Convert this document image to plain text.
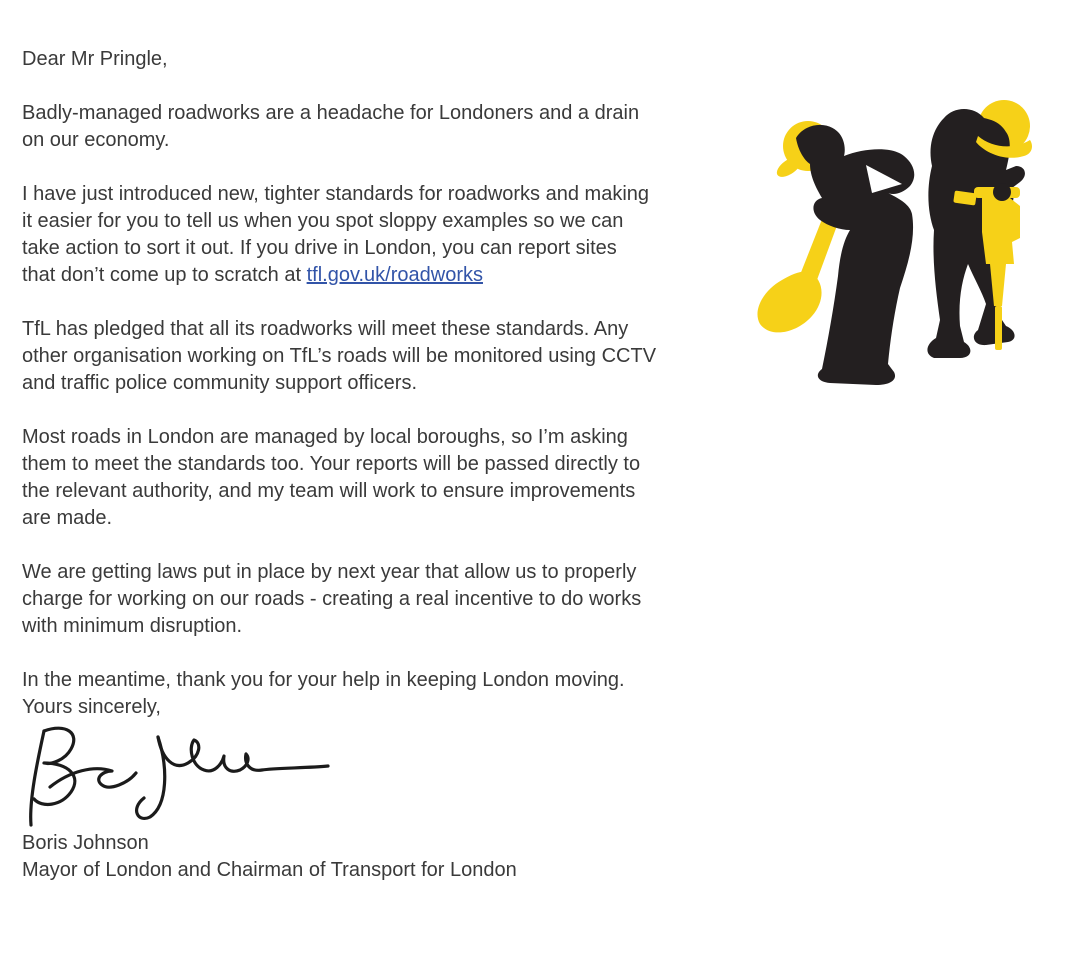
Dear Mr Pringle,

Badly-managed roadworks are a headache for Londoners and a drain
on our economy.
I have just introduced new, tighter standards for roadworks and making
it easier for you to tell us when you spot sloppy examples so we can
take action to sort it out. If you drive in London, you can report sites
that don’t come up to scratch at tfl.gov.uk/roadworks
TfL has pledged that all its roadworks will meet these standards. Any
other organisation working on TfL’s roads will be monitored using CCTV
and traffic police community support officers.
Most roads in London are managed by local boroughs, so I’m asking
them to meet the standards too. Your reports will be passed directly to
the relevant authority, and my team will work to ensure improvements
are made.
We are getting laws put in place by next year that allow us to properly
charge for working on our roads - creating a real incentive to do works
with minimum disruption.
In the meantime, thank you for your help in keeping London moving.

Yours sincerely,

Boris Johnson

Mayor of London and Chairman of Transport for London
